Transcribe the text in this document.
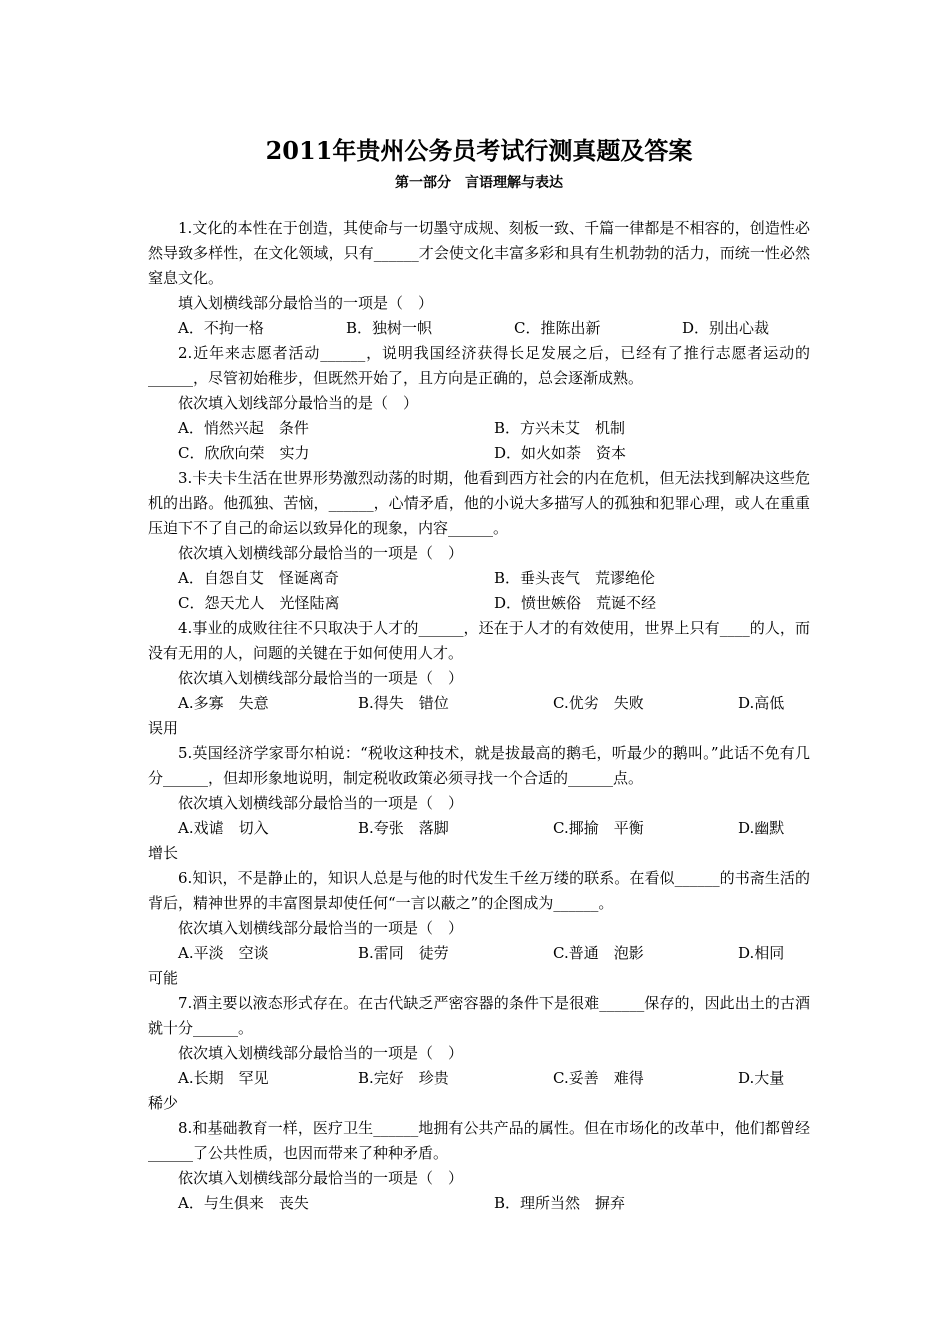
2011年贵州公务员考试行测真题及答案
第一部分　言语理解与表达

1.文化的本性在于创造，其使命与一切墨守成规、刻板一致、千篇一律都是不相容的，创造性必然导致多样性，在文化领域，只有______才会使文化丰富多彩和具有生机勃勃的活力，而统一性必然窒息文化。

填入划横线部分最恰当的一项是（　）

A．不拘一格	B．独树一帜	C．推陈出新	D．别出心裁

2.近年来志愿者活动______，说明我国经济获得长足发展之后，已经有了推行志愿者运动的______，尽管初始稚步，但既然开始了，且方向是正确的，总会逐渐成熟。

依次填入划线部分最恰当的是（　）

A．悄然兴起　条件	B．方兴未艾　机制
C．欣欣向荣　实力	D．如火如荼　资本

3.卡夫卡生活在世界形势激烈动荡的时期，他看到西方社会的内在危机，但无法找到解决这些危机的出路。他孤独、苦恼，______，心情矛盾，他的小说大多描写人的孤独和犯罪心理，或人在重重压迫下不了自己的命运以致异化的现象，内容______。

依次填入划横线部分最恰当的一项是（　）

A．自怨自艾　怪诞离奇	B．垂头丧气　荒谬绝伦
C．怨天尤人　光怪陆离	D．愤世嫉俗　荒诞不经

4.事业的成败往往不只取决于人才的______，还在于人才的有效使用，世界上只有____的人，而没有无用的人，问题的关键在于如何使用人才。

依次填入划横线部分最恰当的一项是（　）

A.多寡　失意	B.得失　错位	C.优劣　失败	D.高低

误用

5.英国经济学家哥尔柏说：“税收这种技术，就是拔最高的鹅毛，听最少的鹅叫。”此话不免有几分______，但却形象地说明，制定税收政策必须寻找一个合适的______点。

依次填入划横线部分最恰当的一项是（　）

A.戏谑　切入	B.夸张　落脚	C.揶揄　平衡	D.幽默

增长

6.知识，不是静止的，知识人总是与他的时代发生千丝万缕的联系。在看似______的书斋生活的背后，精神世界的丰富图景却使任何“一言以蔽之”的企图成为______。

依次填入划横线部分最恰当的一项是（　）

A.平淡　空谈	B.雷同　徒劳	C.普通　泡影	D.相同

可能

7.酒主要以液态形式存在。在古代缺乏严密容器的条件下是很难______保存的，因此出土的古酒就十分______。

依次填入划横线部分最恰当的一项是（　）

A.长期　罕见	B.完好　珍贵	C.妥善　难得	D.大量

稀少

8.和基础教育一样，医疗卫生______地拥有公共产品的属性。但在市场化的改革中，他们都曾经______了公共性质，也因而带来了种种矛盾。

依次填入划横线部分最恰当的一项是（　）

A．与生俱来　丧失	B．理所当然　摒弃
